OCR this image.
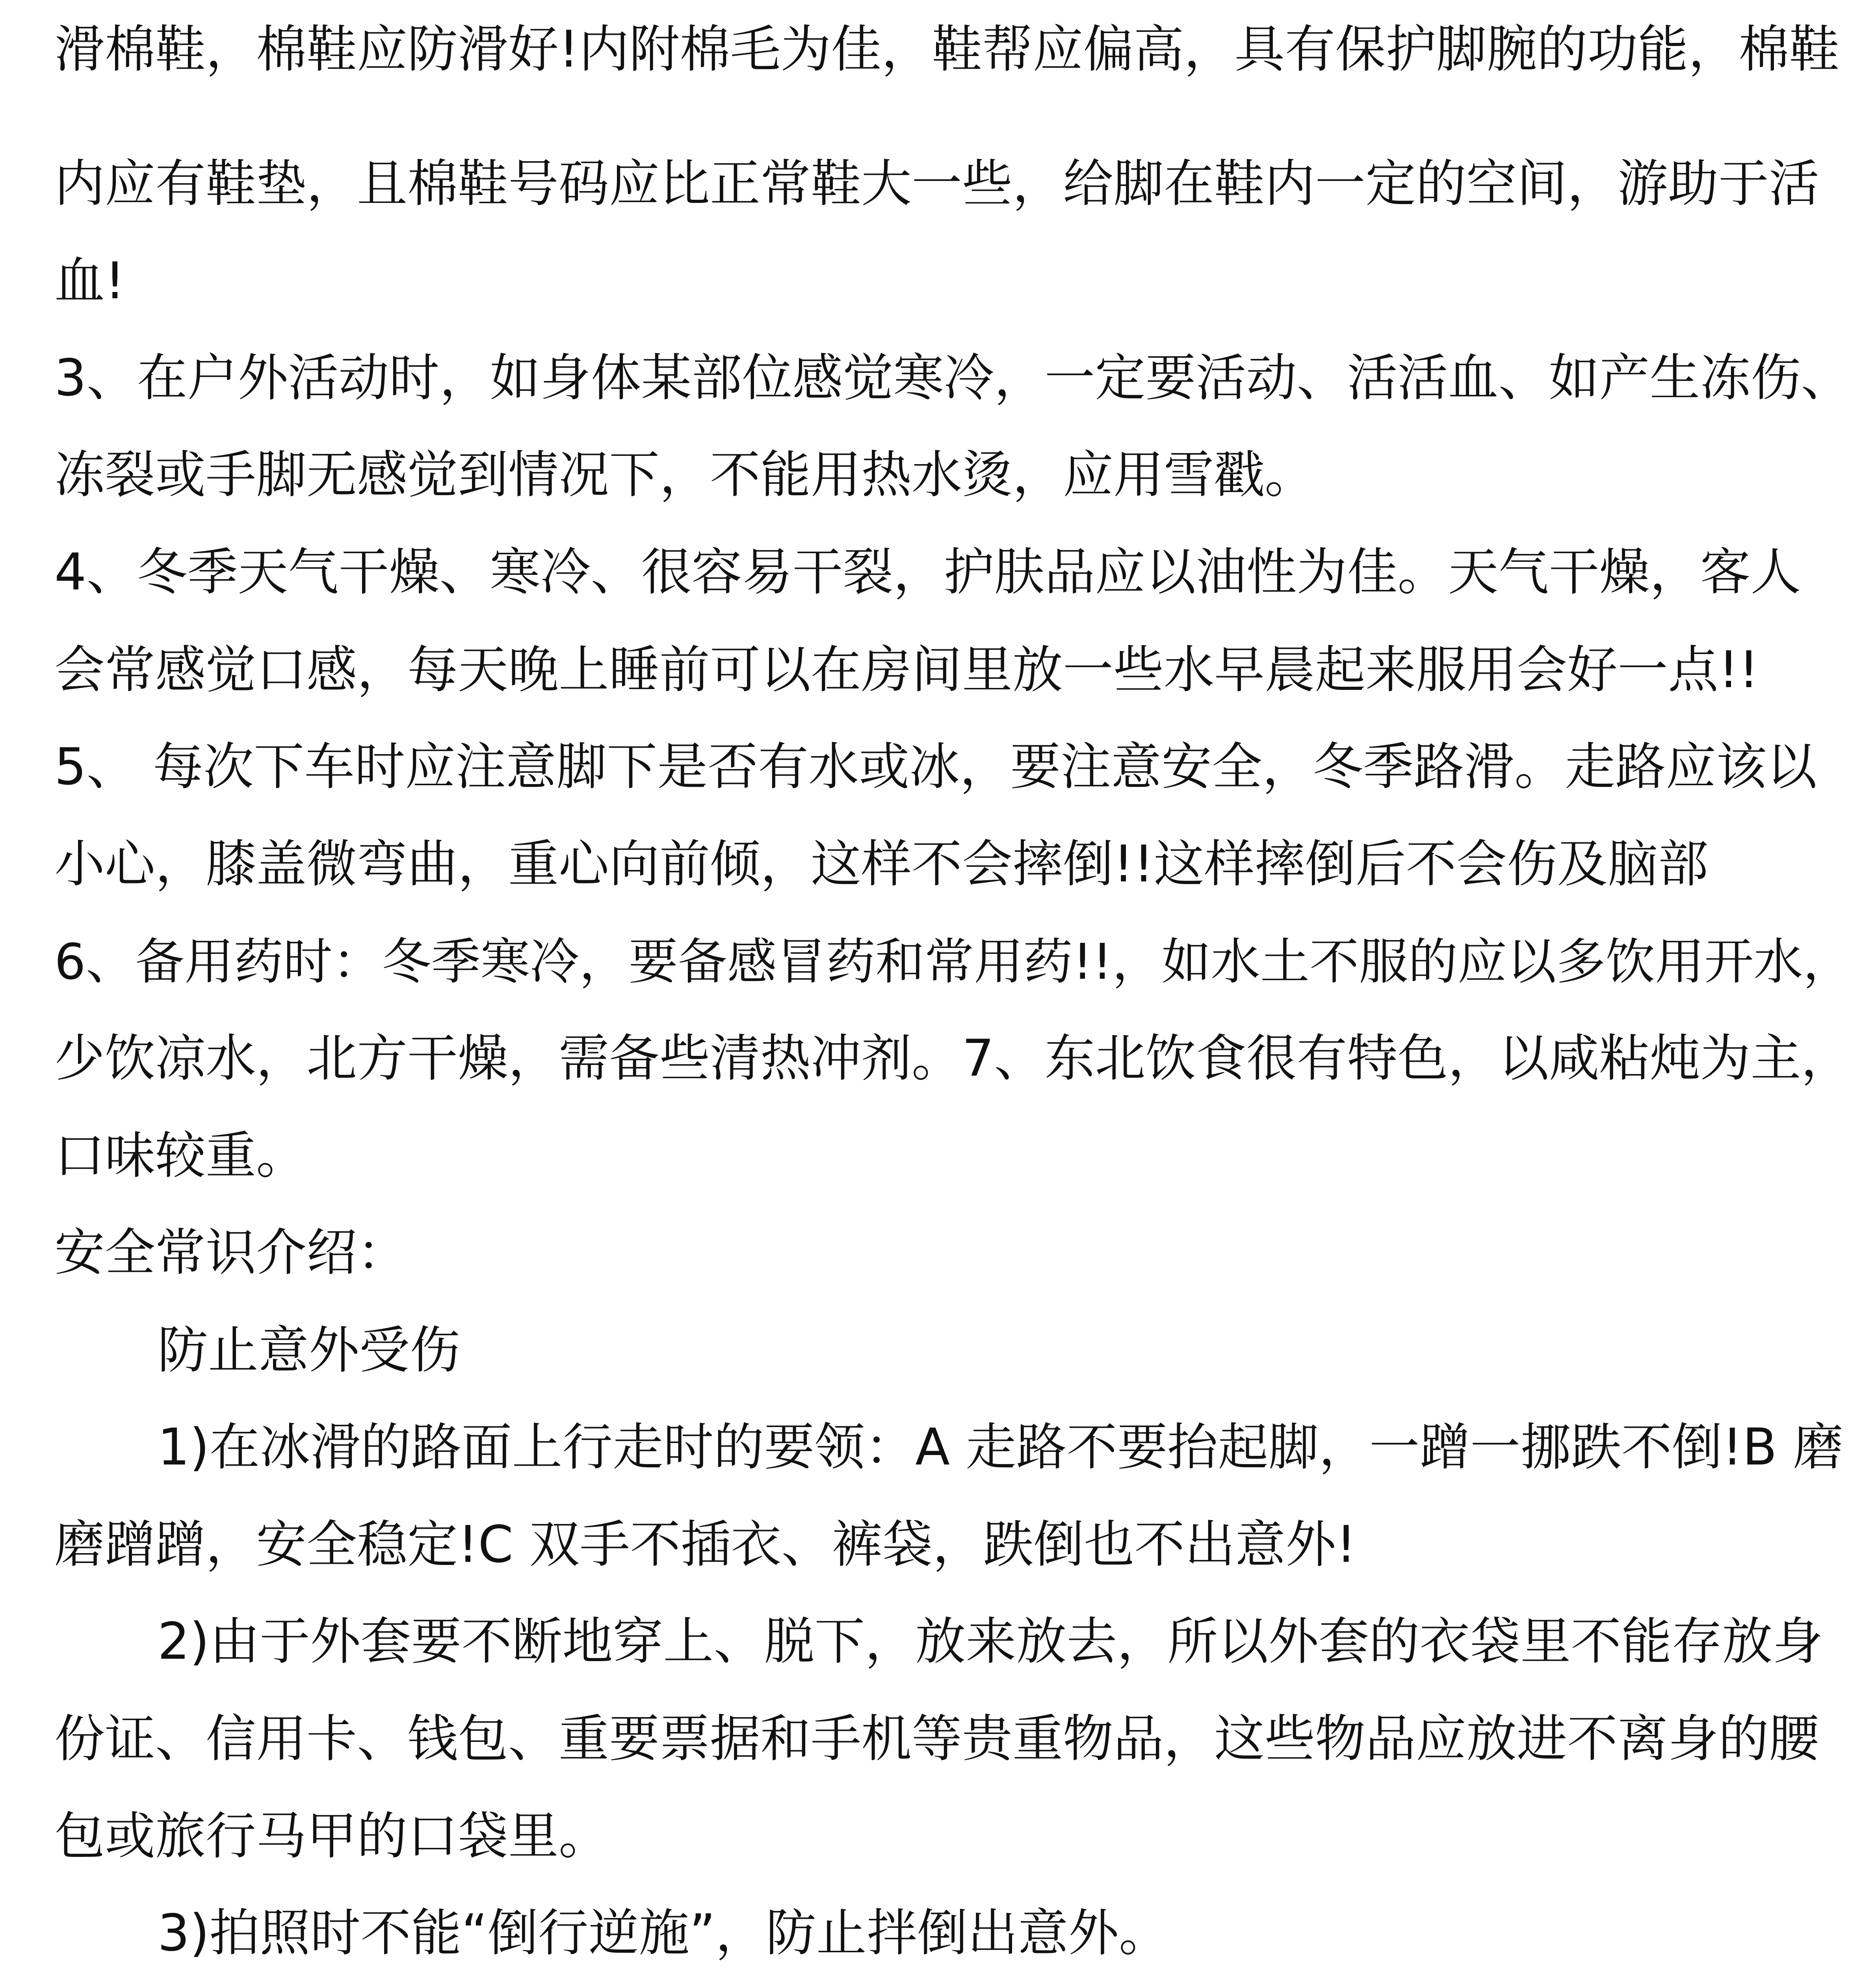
滑棉鞋，棉鞋应防滑好!内附棉毛为佳，鞋帮应偏高，具有保护脚腕的功能，棉鞋
内应有鞋垫，且棉鞋号码应比正常鞋大一些，给脚在鞋内一定的空间，游助于活
血!
3、在户外活动时，如身体某部位感觉寒冷，一定要活动、活活血、如产生冻伤、
冻裂或手脚无感觉到情况下，不能用热水烫，应用雪戳。
4、冬季天气干燥、寒冷、很容易干裂，护肤品应以油性为佳。天气干燥，客人
会常感觉口感，每天晚上睡前可以在房间里放一些水早晨起来服用会好一点!!
5、 每次下车时应注意脚下是否有水或冰，要注意安全，冬季路滑。走路应该以
小心，膝盖微弯曲，重心向前倾，这样不会摔倒!!这样摔倒后不会伤及脑部
6、备用药时：冬季寒冷，要备感冒药和常用药!!，如水土不服的应以多饮用开水，
少饮凉水，北方干燥，需备些清热冲剂。7、东北饮食很有特色，以咸粘炖为主，
口味较重。
安全常识介绍：
防止意外受伤
1)在冰滑的路面上行走时的要领：A 走路不要抬起脚，一蹭一挪跌不倒!B 磨
磨蹭蹭，安全稳定!C 双手不插衣、裤袋，跌倒也不出意外!
2)由于外套要不断地穿上、脱下，放来放去，所以外套的衣袋里不能存放身
份证、信用卡、钱包、重要票据和手机等贵重物品，这些物品应放进不离身的腰
包或旅行马甲的口袋里。
3)拍照时不能“倒行逆施”，防止拌倒出意外。
